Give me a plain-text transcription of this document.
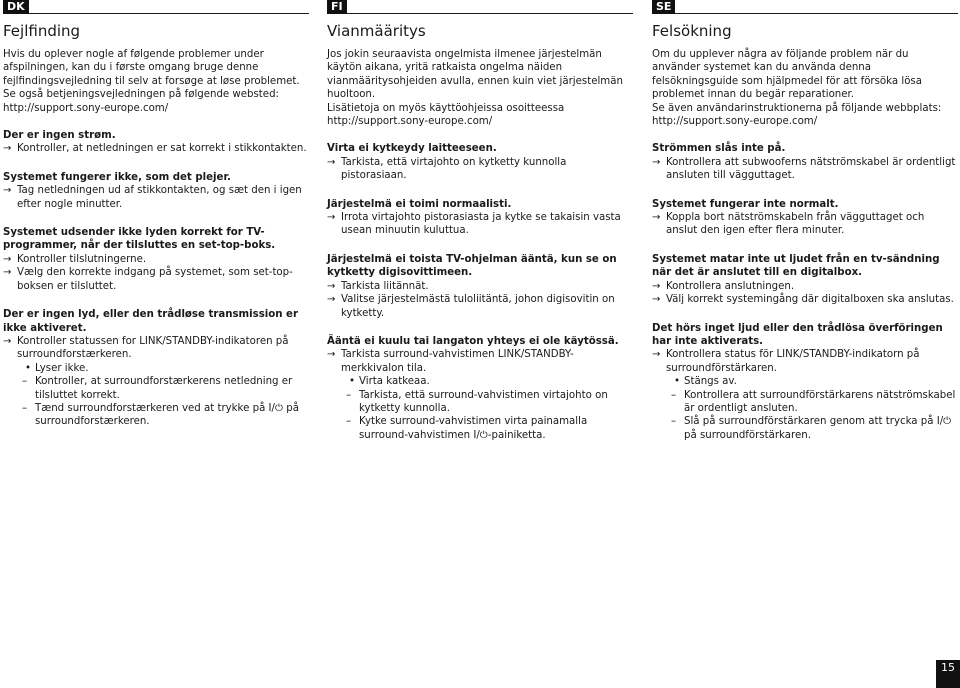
DK
Fejlfinding

Hvis du oplever nogle af følgende problemer under afspilningen, kan du i første omgang bruge denne fejlfindingsvejledning til selv at forsøge at løse problemet.

Se også betjeningsvejledningen på følgende websted: http://support.sony-europe.com/

Der er ingen strøm.
→ Kontroller, at netledningen er sat korrekt i stikkontakten.
Systemet fungerer ikke, som det plejer.
→ Tag netledningen ud af stikkontakten, og sæt den i igen efter nogle minutter.
Systemet udsender ikke lyden korrekt for TV-programmer, når der tilsluttes en set-top-boks.
→ Kontroller tilslutningerne.
→ Vælg den korrekte indgang på systemet, som set-top-boksen er tilsluttet.
Der er ingen lyd, eller den trådløse transmission er ikke aktiveret.
→ Kontroller statussen for LINK/STANDBY-indikatoren på surroundforstærkeren.
• Lyser ikke.
– Kontroller, at surroundforstærkerens netledning er tilsluttet korrekt.
– Tænd surroundforstærkeren ved at trykke på I/⏻ på surroundforstærkeren.
FI
Vianmääritys

Jos jokin seuraavista ongelmista ilmenee järjestelmän käytön aikana, yritä ratkaista ongelma näiden vianmääritysohjeiden avulla, ennen kuin viet järjestelmän huoltoon.

Lisätietoja on myös käyttöohjeissa osoitteessa http://support.sony-europe.com/

Virta ei kytkeydy laitteeseen.
→ Tarkista, että virtajohto on kytketty kunnolla pistorasiaan.
Järjestelmä ei toimi normaalisti.
→ Irrota virtajohto pistorasiasta ja kytke se takaisin vasta usean minuutin kuluttua.
Järjestelmä ei toista TV-ohjelman ääntä, kun se on kytketty digisovittimeen.
→ Tarkista liitännät.
→ Valitse järjestelmästä tuloliitäntä, johon digisovitin on kytketty.
Ääntä ei kuulu tai langaton yhteys ei ole käytössä.
→ Tarkista surround-vahvistimen LINK/STANDBY-merkkivalon tila.
• Virta katkeaa.
– Tarkista, että surround-vahvistimen virtajohto on kytketty kunnolla.
– Kytke surround-vahvistimen virta painamalla surround-vahvistimen I/⏻-painiketta.
SE
Felsökning

Om du upplever några av följande problem när du använder systemet kan du använda denna felsökningsguide som hjälpmedel för att försöka lösa problemet innan du begär reparationer.

Se även användarinstruktionerna på följande webbplats: http://support.sony-europe.com/

Strömmen slås inte på.
→ Kontrollera att subwooferns nätströmskabel är ordentligt ansluten till vägguttaget.
Systemet fungerar inte normalt.
→ Koppla bort nätströmskabeln från vägguttaget och anslut den igen efter flera minuter.
Systemet matar inte ut ljudet från en tv-sändning när det är anslutet till en digitalbox.
→ Kontrollera anslutningen.
→ Välj korrekt systemingång där digitalboxen ska anslutas.
Det hörs inget ljud eller den trådlösa överföringen har inte aktiverats.
→ Kontrollera status för LINK/STANDBY-indikatorn på surroundförstärkaren.
• Stängs av.
– Kontrollera att surroundförstärkarens nätströmskabel är ordentligt ansluten.
– Slå på surroundförstärkaren genom att trycka på I/⏻ på surroundförstärkaren.
15
